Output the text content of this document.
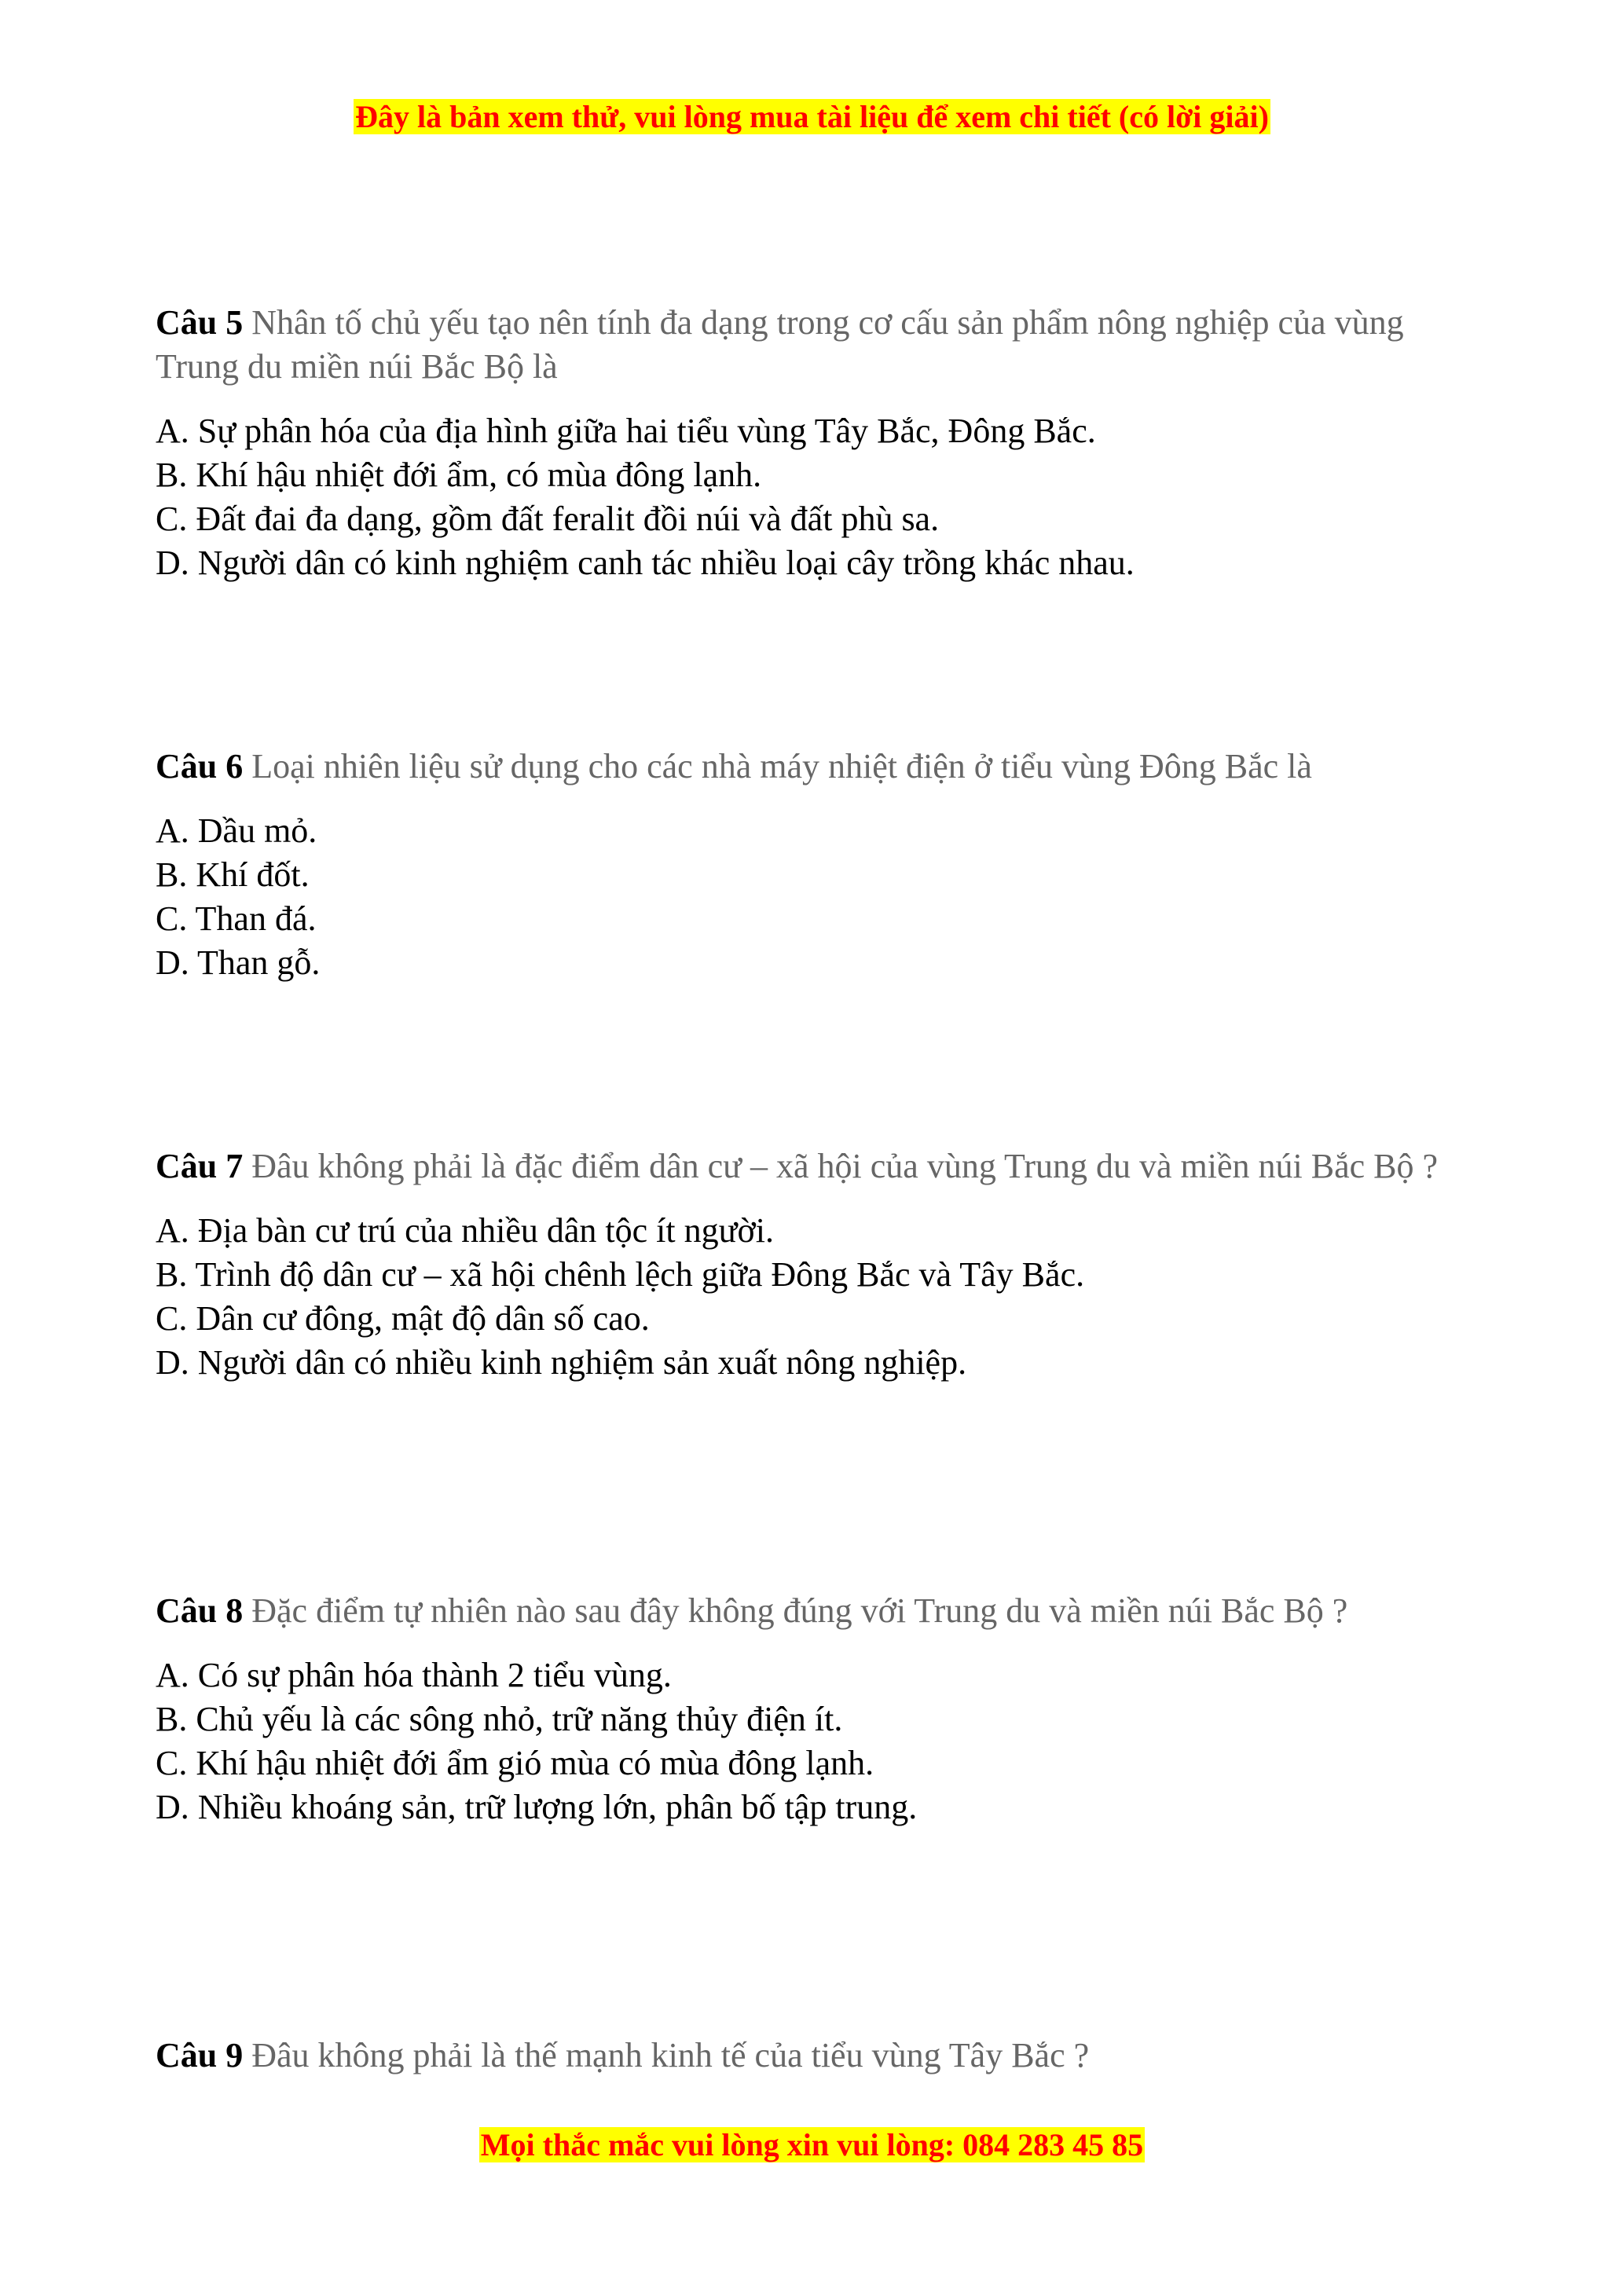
Đây là bản xem thử, vui lòng mua tài liệu để xem chi tiết (có lời giải)

Câu 5 Nhân tố chủ yếu tạo nên tính đa dạng trong cơ cấu sản phẩm nông nghiệp của vùng Trung du miền núi Bắc Bộ là

A. Sự phân hóa của địa hình giữa hai tiểu vùng Tây Bắc, Đông Bắc.
B. Khí hậu nhiệt đới ẩm, có mùa đông lạnh.
C. Đất đai đa dạng, gồm đất feralit đồi núi và đất phù sa.
D. Người dân có kinh nghiệm canh tác nhiều loại cây trồng khác nhau.

Câu 6 Loại nhiên liệu sử dụng cho các nhà máy nhiệt điện ở tiểu vùng Đông Bắc là

A. Dầu mỏ.
B. Khí đốt.
C. Than đá.
D. Than gỗ.

Câu 7 Đâu không phải là đặc điểm dân cư – xã hội của vùng Trung du và miền núi Bắc Bộ ?

A. Địa bàn cư trú của nhiều dân tộc ít người.
B. Trình độ dân cư – xã hội chênh lệch giữa Đông Bắc và Tây Bắc.
C. Dân cư đông, mật độ dân số cao.
D. Người dân có nhiều kinh nghiệm sản xuất nông nghiệp.

Câu 8 Đặc điểm tự nhiên nào sau đây không đúng với Trung du và miền núi Bắc Bộ ?

A. Có sự phân hóa thành 2 tiểu vùng.
B. Chủ yếu là các sông nhỏ, trữ năng thủy điện ít.
C. Khí hậu nhiệt đới ẩm gió mùa có mùa đông lạnh.
D. Nhiều khoáng sản, trữ lượng lớn, phân bố tập trung.

Câu 9 Đâu không phải là thế mạnh kinh tế của tiểu vùng Tây Bắc ?

Mọi thắc mắc vui lòng xin vui lòng: 084 283 45 85
